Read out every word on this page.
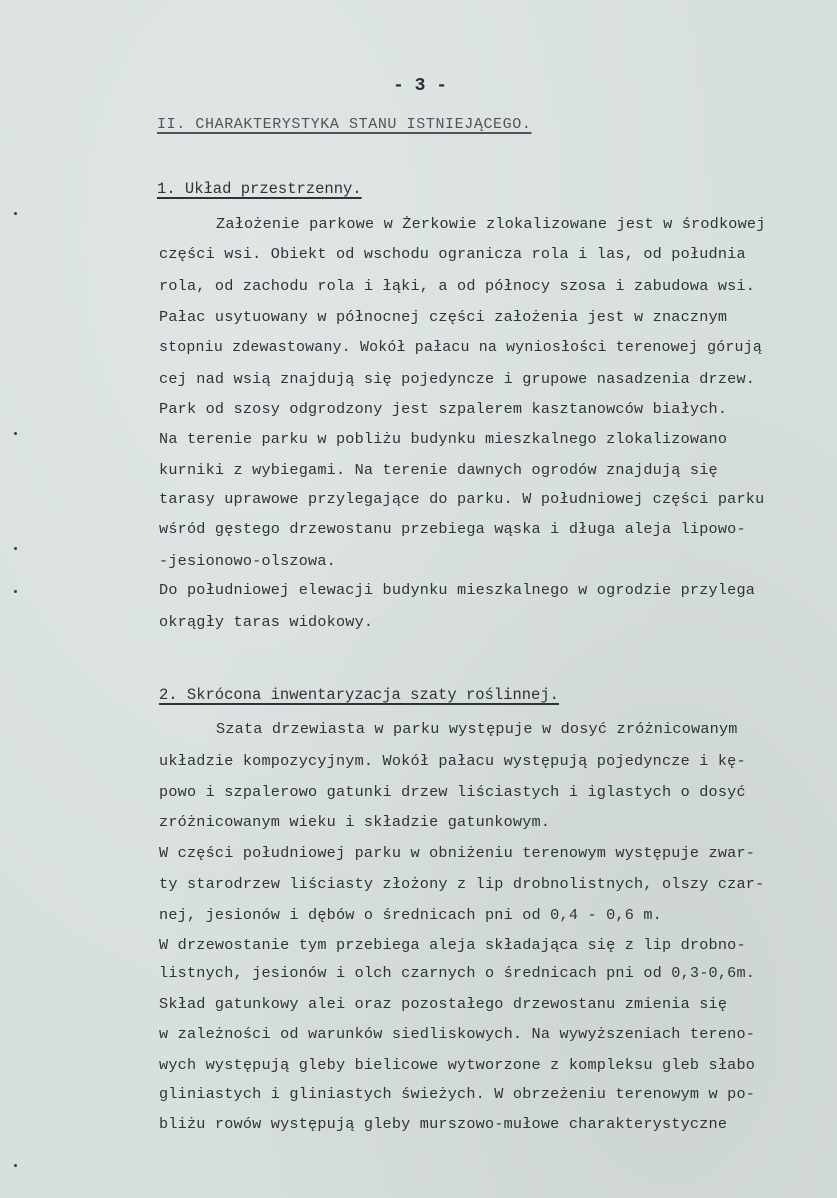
- 3 -
II. CHARAKTERYSTYKA STANU ISTNIEJĄCEGO.
1. Układ przestrzenny.
Założenie parkowe w Żerkowie zlokalizowane jest w środkowej
części wsi. Obiekt od wschodu ogranicza rola i las, od południa
rola, od zachodu rola i łąki, a od północy szosa i zabudowa wsi.
Pałac usytuowany w północnej części założenia jest w znacznym
stopniu zdewastowany. Wokół pałacu na wyniosłości terenowej górują
cej nad wsią znajdują się pojedyncze i grupowe nasadzenia drzew.
Park od szosy odgrodzony jest szpalerem kasztanowców białych.
Na terenie parku w pobliżu budynku mieszkalnego zlokalizowano
kurniki z wybiegami. Na terenie dawnych ogrodów znajdują się
tarasy uprawowe przylegające do parku. W południowej części parku
wśród gęstego drzewostanu przebiega wąska i długa aleja lipowo-
-jesionowo-olszowa.
Do południowej elewacji budynku mieszkalnego w ogrodzie przylega
okrągły taras widokowy.
2. Skrócona inwentaryzacja szaty roślinnej.
Szata drzewiasta w parku występuje w dosyć zróżnicowanym
układzie kompozycyjnym. Wokół pałacu występują pojedyncze i kę-
powo i szpalerowo gatunki drzew liściastych i iglastych o dosyć
zróżnicowanym wieku i składzie gatunkowym.
W części południowej parku w obniżeniu terenowym występuje zwar-
ty starodrzew liściasty złożony z lip drobnolistnych, olszy czar-
nej, jesionów i dębów o średnicach pni od 0,4 - 0,6 m.
W drzewostanie tym przebiega aleja składająca się z lip drobno-
listnych, jesionów i olch czarnych o średnicach pni od 0,3-0,6m.
Skład gatunkowy alei oraz pozostałego drzewostanu zmienia się
w zależności od warunków siedliskowych. Na wywyższeniach tereno-
wych występują gleby bielicowe wytworzone z kompleksu gleb słabo
gliniastych i gliniastych świeżych. W obrzeżeniu terenowym w po-
bliżu rowów występują gleby murszowo-mułowe charakterystyczne
